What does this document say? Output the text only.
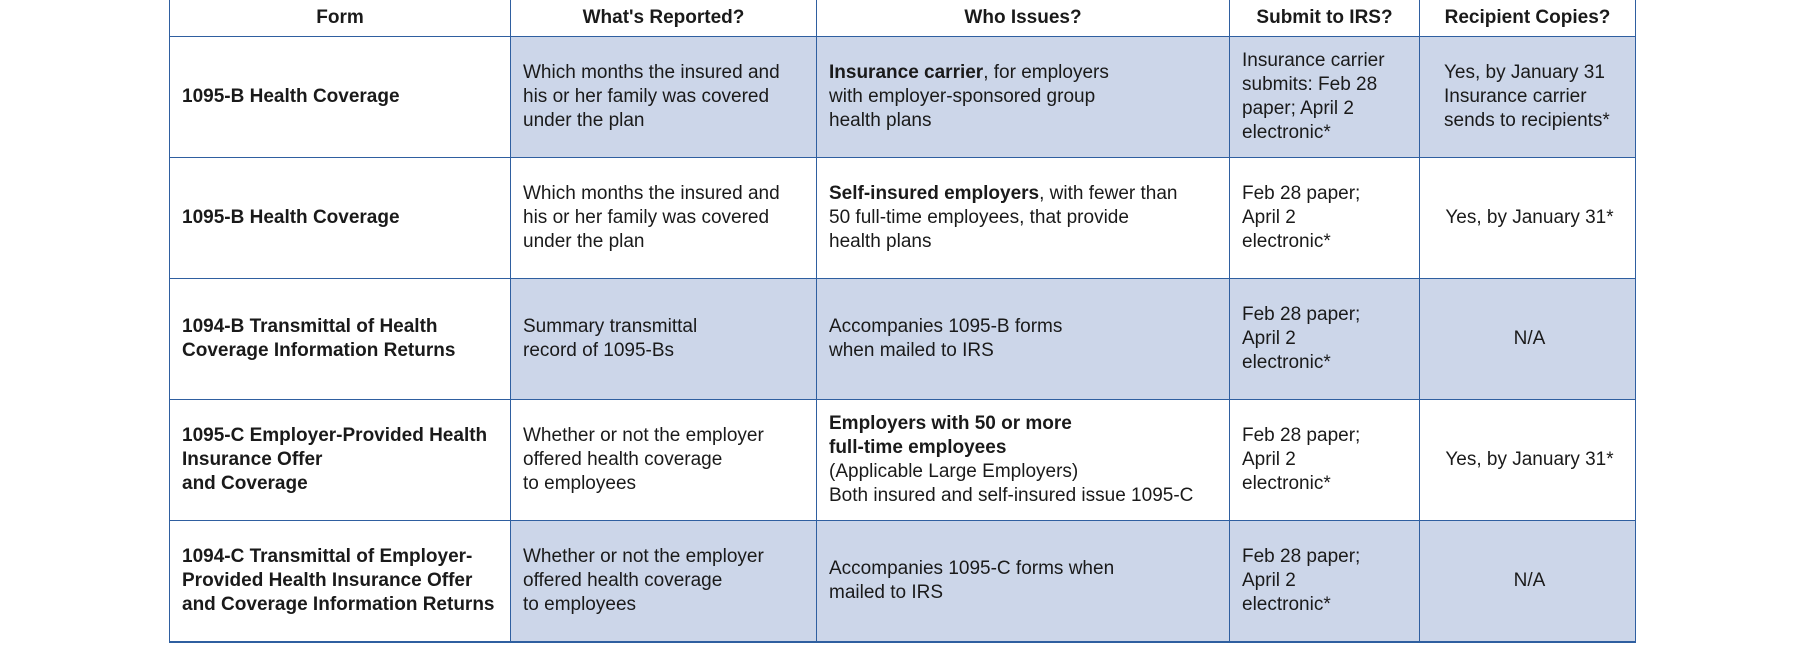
Form	What's Reported?	Who Issues?	Submit to IRS?	Recipient Copies?

1095-B Health Coverage	Which months the insured and
his or her family was covered
under the plan	Insurance carrier, for employers
with employer-sponsored group
health plans	Insurance carrier
submits: Feb 28
paper; April 2
electronic*	Yes, by January 31
Insurance carrier
sends to recipients*

1095-B Health Coverage	Which months the insured and
his or her family was covered
under the plan	Self-insured employers, with fewer than
50 full-time employees, that provide
health plans	Feb 28 paper;
April 2
electronic*	Yes, by January 31*

1094-B Transmittal of Health
Coverage Information Returns	Summary transmittal
record of 1095-Bs	Accompanies 1095-B forms
when mailed to IRS	Feb 28 paper;
April 2
electronic*	N/A

1095-C Employer-Provided Health
Insurance Offer
and Coverage	Whether or not the employer
offered health coverage
to employees	Employers with 50 or more
full-time employees
(Applicable Large Employers)
Both insured and self-insured issue 1095-C	Feb 28 paper;
April 2
electronic*	Yes, by January 31*

1094-C Transmittal of Employer-
Provided Health Insurance Offer
and Coverage Information Returns	Whether or not the employer
offered health coverage
to employees	Accompanies 1095-C forms when
mailed to IRS	Feb 28 paper;
April 2
electronic*	N/A
